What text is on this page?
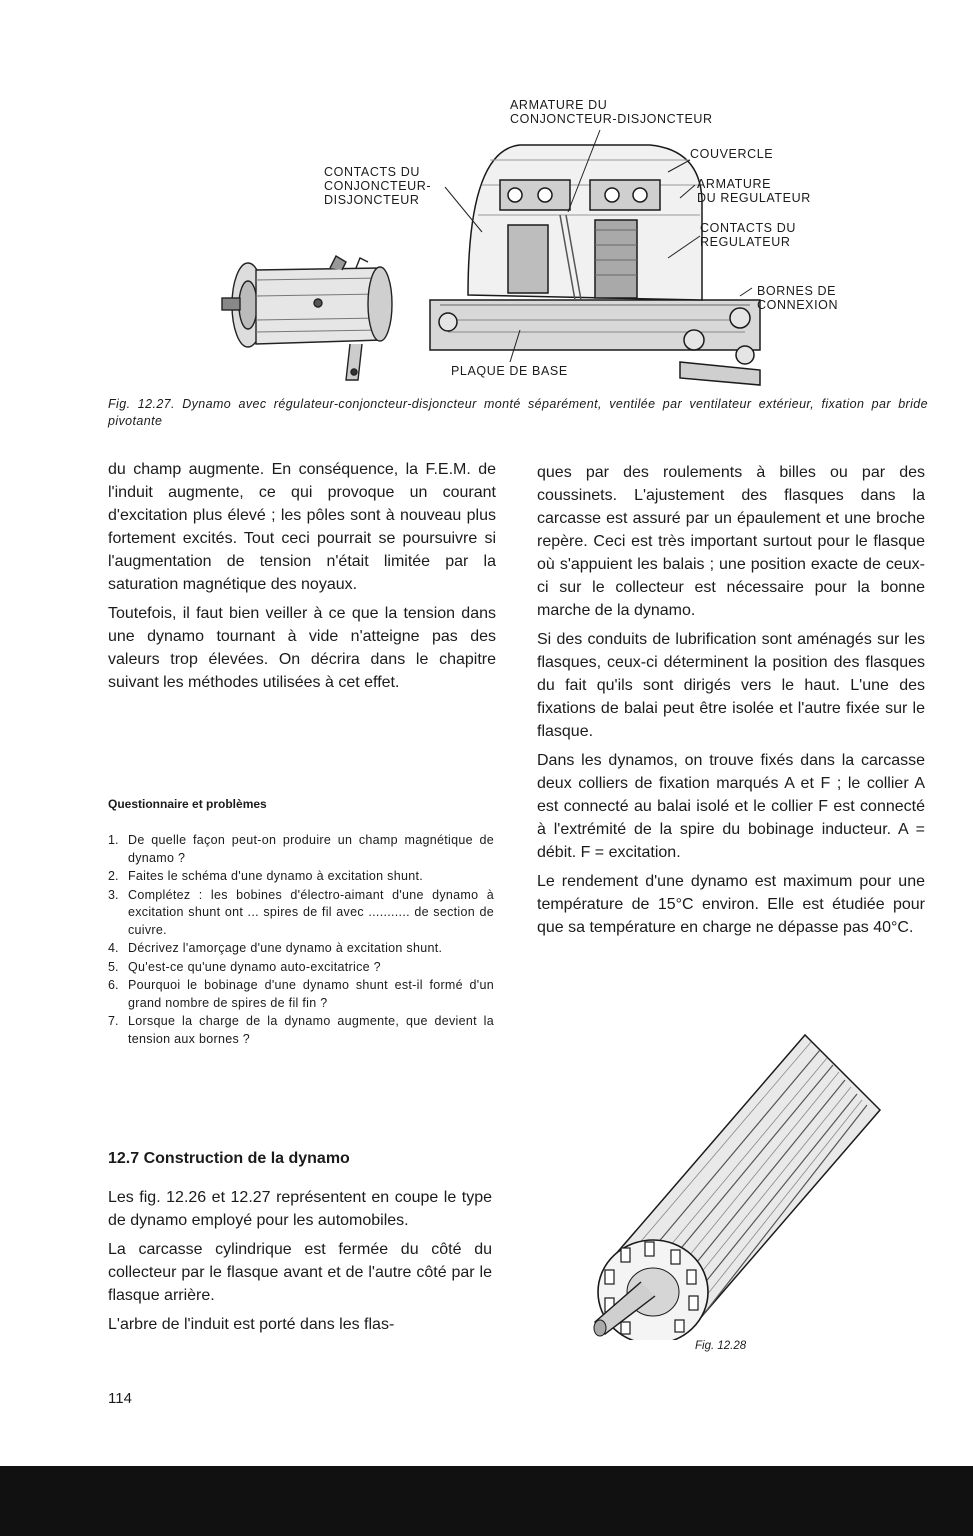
ARMATURE DU
CONJONCTEUR-DISJONCTEUR
CONTACTS DU
CONJONCTEUR-
DISJONCTEUR
COUVERCLE
ARMATURE
DU REGULATEUR
CONTACTS DU
REGULATEUR
BORNES DE
CONNEXION
PLAQUE DE BASE
Fig. 12.27. Dynamo avec régulateur-conjoncteur-disjoncteur monté séparément, ventilée par ventilateur extérieur, fixation par bride pivotante

du champ augmente. En conséquence, la F.E.M. de l'induit augmente, ce qui provoque un courant d'excitation plus élevé ; les pôles sont à nouveau plus fortement excités. Tout ceci pourrait se poursuivre si l'augmentation de tension n'était limitée par la saturation magnétique des noyaux.

Toutefois, il faut bien veiller à ce que la tension dans une dynamo tournant à vide n'atteigne pas des valeurs trop élevées. On décrira dans le chapitre suivant les méthodes utilisées à cet effet.

Questionnaire et problèmes
1. De quelle façon peut-on produire un champ magnétique de dynamo ?
2. Faites le schéma d'une dynamo à excitation shunt.
3. Complétez : les bobines d'électro-aimant d'une dynamo à excitation shunt ont ... spires de fil avec ........... de section de cuivre.
4. Décrivez l'amorçage d'une dynamo à excitation shunt.
5. Qu'est-ce qu'une dynamo auto-excitatrice ?
6. Pourquoi le bobinage d'une dynamo shunt est-il formé d'un grand nombre de spires de fil fin ?
7. Lorsque la charge de la dynamo augmente, que devient la tension aux bornes ?
12.7 Construction de la dynamo

Les fig. 12.26 et 12.27 représentent en coupe le type de dynamo employé pour les automobiles.

La carcasse cylindrique est fermée du côté du collecteur par le flasque avant et de l'autre côté par le flasque arrière.

L'arbre de l'induit est porté dans les flas-

ques par des roulements à billes ou par des coussinets. L'ajustement des flasques dans la carcasse est assuré par un épaulement et une broche repère. Ceci est très important surtout pour le flasque où s'appuient les balais ; une position exacte de ceux-ci sur le collecteur est nécessaire pour la bonne marche de la dynamo.

Si des conduits de lubrification sont aménagés sur les flasques, ceux-ci déterminent la position des flasques du fait qu'ils sont dirigés vers le haut. L'une des fixations de balai peut être isolée et l'autre fixée sur le flasque.

Dans les dynamos, on trouve fixés dans la carcasse deux colliers de fixation marqués A et F ; le collier A est connecté au balai isolé et le collier F est connecté à l'extrémité de la spire du bobinage inducteur. A = débit. F = excitation.

Le rendement d'une dynamo est maximum pour une température de 15°C environ. Elle est étudiée pour que sa température en charge ne dépasse pas 40°C.

Fig. 12.28
114
